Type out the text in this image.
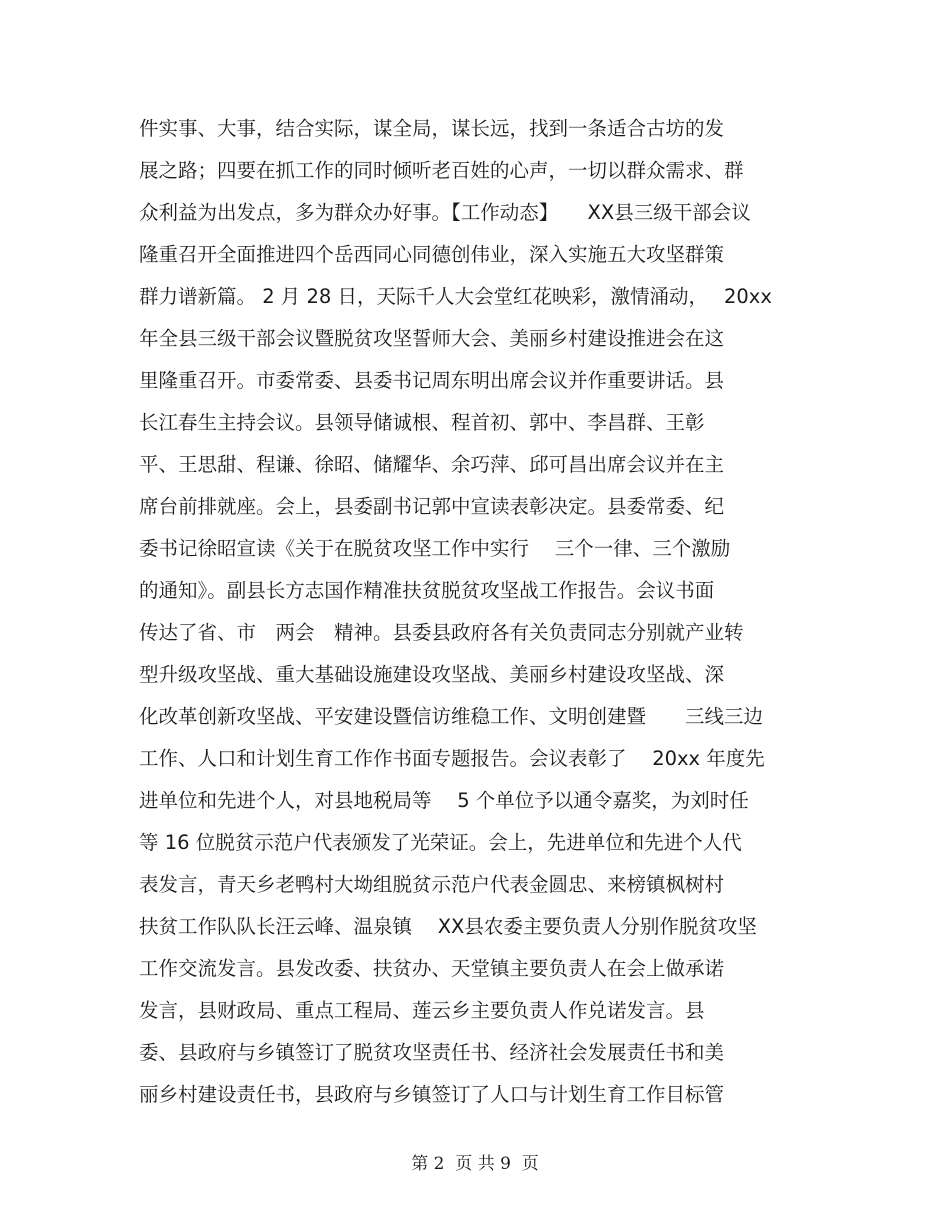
件实事、大事，结合实际，谋全局，谋长远，找到一条适合古坊的发
展之路；四要在抓工作的同时倾听老百姓的心声，一切以群众需求、群
众利益为出发点，多为群众办好事。【工作动态】　　XX县三级干部会议
隆重召开全面推进四个岳西同心同德创伟业，深入实施五大攻坚群策
群力谱新篇。 2 月 28 日，天际千人大会堂红花映彩，激情涌动，　 20xx
年全县三级干部会议暨脱贫攻坚誓师大会、美丽乡村建设推进会在这
里隆重召开。市委常委、县委书记周东明出席会议并作重要讲话。县
长江春生主持会议。县领导储诚根、程首初、郭中、李昌群、王彰
平、王思甜、程谦、徐昭、储耀华、余巧萍、邱可昌出席会议并在主
席台前排就座。会上，县委副书记郭中宣读表彰决定。县委常委、纪
委书记徐昭宣读《关于在脱贫攻坚工作中实行　 三个一律、三个激励
的通知》。副县长方志国作精准扶贫脱贫攻坚战工作报告。会议书面
传达了省、市　两会　精神。县委县政府各有关负责同志分别就产业转
型升级攻坚战、重大基础设施建设攻坚战、美丽乡村建设攻坚战、深
化改革创新攻坚战、平安建设暨信访维稳工作、文明创建暨　　三线三边
工作、人口和计划生育工作作书面专题报告。会议表彰了　 20xx 年度先
进单位和先进个人，对县地税局等　 5 个单位予以通令嘉奖，为刘时任
等 16 位脱贫示范户代表颁发了光荣证。会上，先进单位和先进个人代
表发言，青天乡老鸭村大坳组脱贫示范户代表金圆忠、来榜镇枫树村
扶贫工作队队长汪云峰、温泉镇　 XX县农委主要负责人分别作脱贫攻坚
工作交流发言。县发改委、扶贫办、天堂镇主要负责人在会上做承诺
发言，县财政局、重点工程局、莲云乡主要负责人作兑诺发言。县
委、县政府与乡镇签订了脱贫攻坚责任书、经济社会发展责任书和美
丽乡村建设责任书，县政府与乡镇签订了人口与计划生育工作目标管
第 2  页 共 9  页
